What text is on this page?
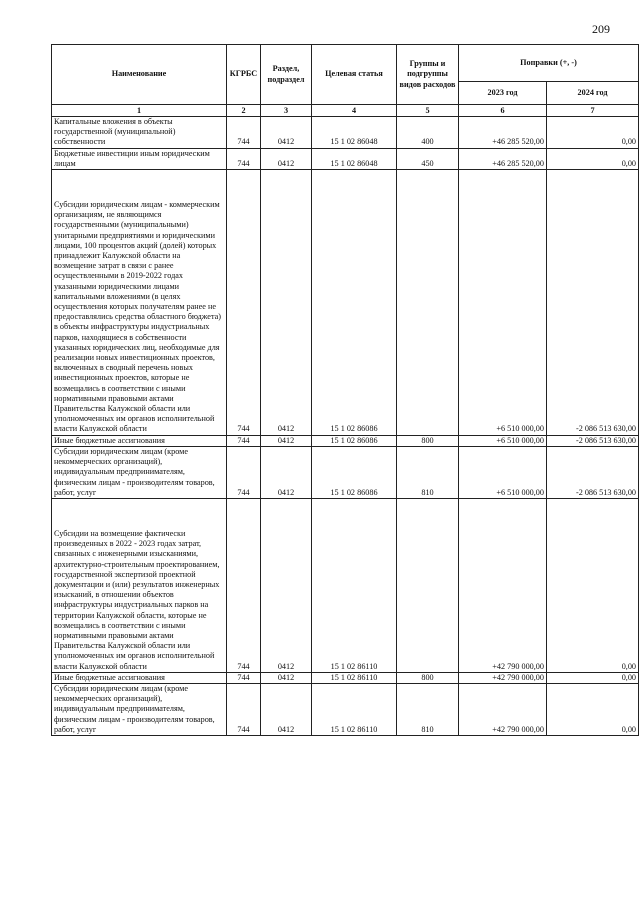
209
Наименование	КГРБС	Раздел, подраздел	Целевая статья	Группы и подгруппы видов расходов	Поправки (+, -)	
					2023 год	2024 год
1	2	3	4	5	6	7
Капитальные вложения в объекты государственной (муниципальной) собственности	744	0412	15 1 02 86048	400	+46 285 520,00	0,00
Бюджетные инвестиции иным юридическим лицам	744	0412	15 1 02 86048	450	+46 285 520,00	0,00
Субсидии юридическим лицам - коммерческим организациям, не являющимся государственными (муниципальными) унитарными предприятиями и юридическими лицами, 100 процентов акций (долей) которых принадлежит Калужской области на возмещение затрат в связи с ранее осуществленными в 2019-2022 годах указанными юридическими лицами капитальными вложениями (в целях осуществления которых получателям ранее не предоставлялись средства областного бюджета) в объекты инфраструктуры индустриальных парков, находящиеся в собственности указанных юридических лиц, необходимые для реализации новых инвестиционных проектов, включенных в сводный перечень новых инвестиционных проектов, которые не возмещались в соответствии с иными нормативными правовыми актами Правительства Калужской области или уполномоченных им органов исполнительной власти Калужской области	744	0412	15 1 02 86086		+6 510 000,00	-2 086 513 630,00
Иные бюджетные ассигнования	744	0412	15 1 02 86086	800	+6 510 000,00	-2 086 513 630,00
Субсидии юридическим лицам (кроме некоммерческих организаций), индивидуальным предпринимателям, физическим лицам - производителям товаров, работ, услуг	744	0412	15 1 02 86086	810	+6 510 000,00	-2 086 513 630,00
Субсидии на возмещение фактически произведенных в 2022 - 2023 годах затрат, связанных с инженерными изысканиями, архитектурно-строительным проектированием, государственной экспертизой проектной документации и (или) результатов инженерных изысканий, в отношении объектов инфраструктуры индустриальных парков на территории Калужской области, которые не возмещались в соответствии с иными нормативными правовыми актами Правительства Калужской области или уполномоченных им органов исполнительной власти Калужской области	744	0412	15 1 02 86110		+42 790 000,00	0,00
Иные бюджетные ассигнования	744	0412	15 1 02 86110	800	+42 790 000,00	0,00
Субсидии юридическим лицам (кроме некоммерческих организаций), индивидуальным предпринимателям, физическим лицам - производителям товаров, работ, услуг	744	0412	15 1 02 86110	810	+42 790 000,00	0,00
